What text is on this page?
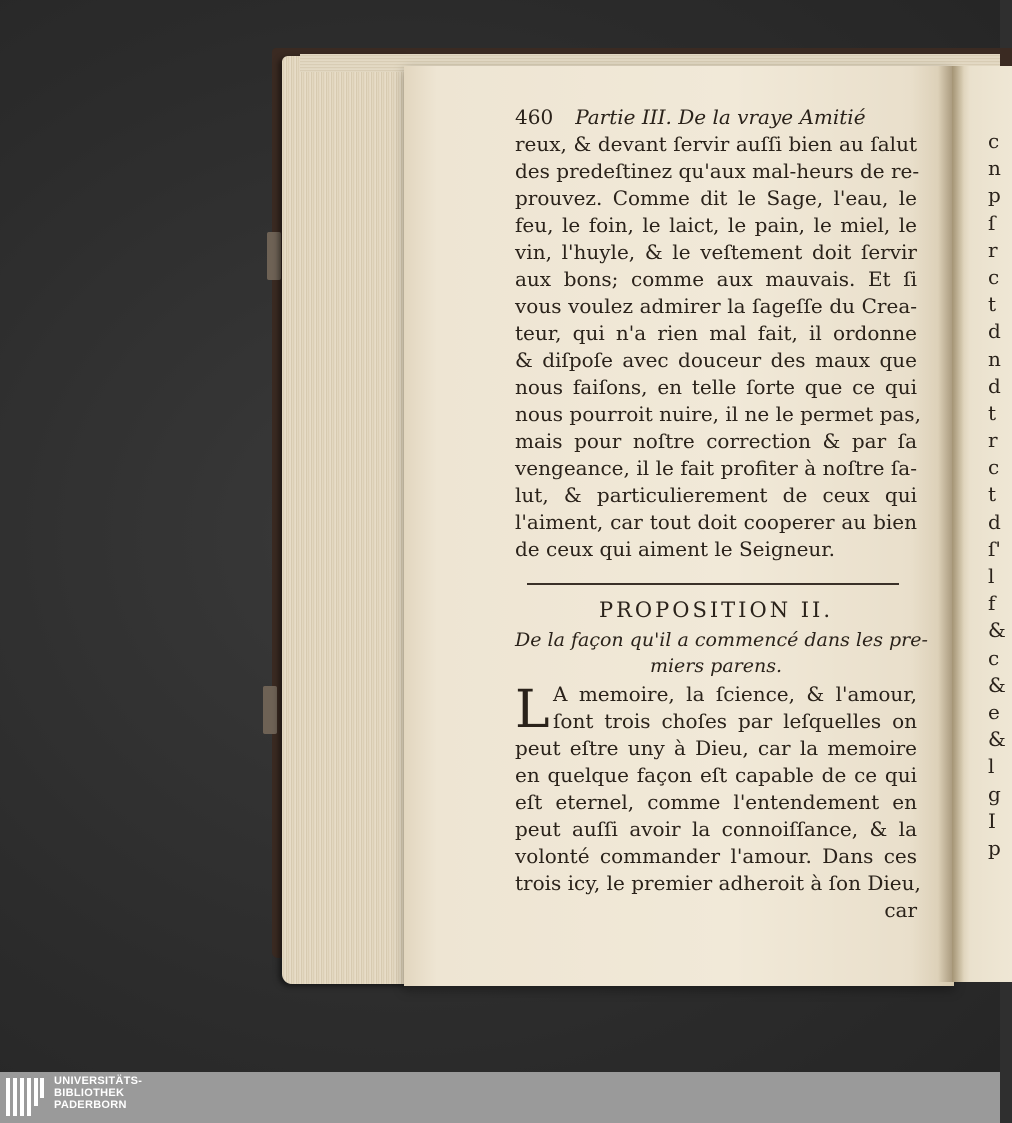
460 Partie III. De la vraye Amitié
reux, & devant ſervir auſſi bien au ſalut
des predeſtinez qu'aux mal-heurs de re-
prouvez. Comme dit le Sage, l'eau, le
feu, le foin, le laict, le pain, le miel, le
vin, l'huyle, & le veſtement doit ſervir
aux bons; comme aux mauvais. Et ſi
vous voulez admirer la ſageſſe du Crea-
teur, qui n'a rien mal fait, il ordonne
& diſpoſe avec douceur des maux que
nous faiſons, en telle ſorte que ce qui
nous pourroit nuire, il ne le permet pas,
mais pour noſtre correction & par ſa
vengeance, il le fait profiter à noſtre ſa-
lut, & particulierement de ceux qui
l'aiment, car tout doit cooperer au bien
de ceux qui aiment le Seigneur.
PROPOSITION II.
De la façon qu'il a commencé dans les pre-
miers parens.
L A memoire, la ſcience, & l'amour,
ſont trois choſes par leſquelles on
peut eſtre uny à Dieu, car la memoire
en quelque façon eſt capable de ce qui
eſt eternel, comme l'entendement en
peut auſſi avoir la connoiſſance, & la
volonté commander l'amour. Dans ces
trois icy, le premier adheroit à ſon Dieu,
car
c
n
p
ſ
r
c
t
d
n
d
t
r
c
t
d
ſ'
l
f
&
c
&
e
&
l
g
I
p
UNIVERSITÄTS-
BIBLIOTHEK
PADERBORN
